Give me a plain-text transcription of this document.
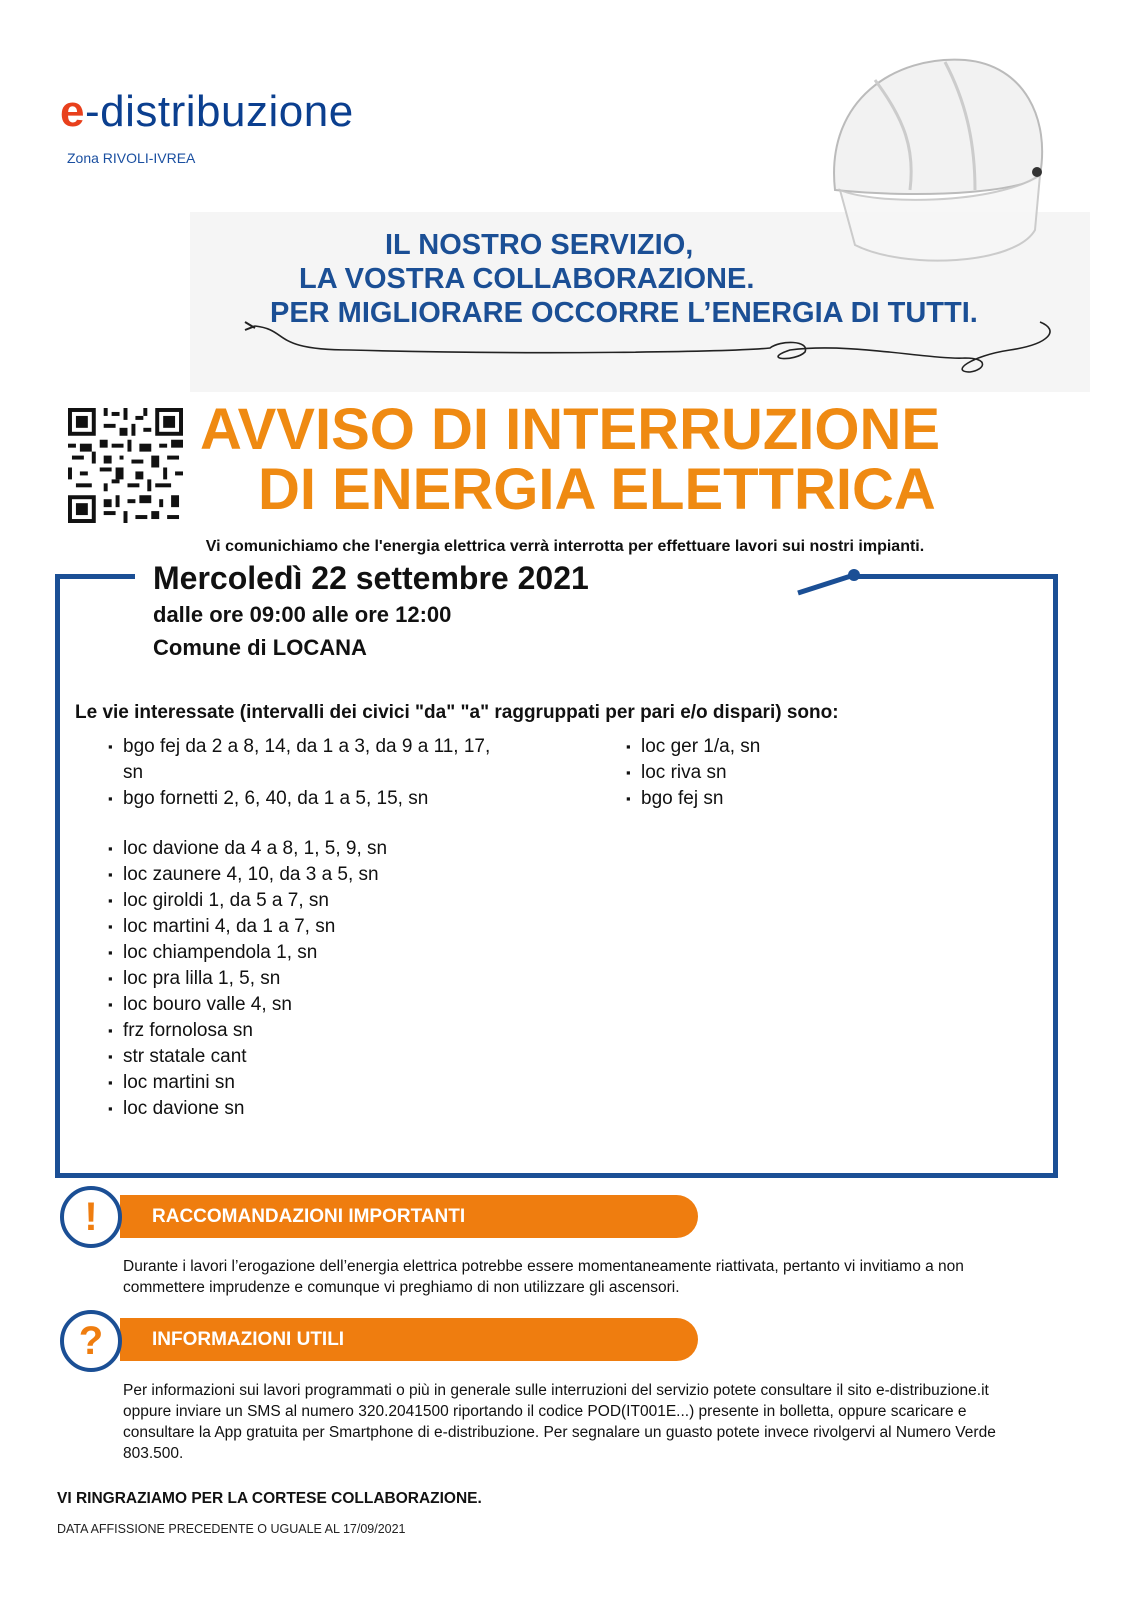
e-distribuzione
Zona RIVOLI-IVREA
IL NOSTRO SERVIZIO,
LA VOSTRA COLLABORAZIONE.
PER MIGLIORARE OCCORRE L’ENERGIA DI TUTTI.
AVVISO DI INTERRUZIONE
DI ENERGIA ELETTRICA
Vi comunichiamo che l'energia elettrica verrà interrotta per effettuare lavori sui nostri impianti.
Mercoledì 22 settembre 2021
dalle ore 09:00 alle ore 12:00
Comune di LOCANA
Le vie interessate (intervalli dei civici "da" "a" raggruppati per pari e/o dispari) sono:
▪ bgo fej da 2 a 8, 14, da 1 a 3, da 9 a 11, 17, sn
▪ bgo fornetti 2, 6, 40, da 1 a 5, 15, sn
▪ loc davione da 4 a 8, 1, 5, 9, sn
▪ loc zaunere 4, 10, da 3 a 5, sn
▪ loc giroldi 1, da 5 a 7, sn
▪ loc martini 4, da 1 a 7, sn
▪ loc chiampendola 1, sn
▪ loc pra lilla 1, 5, sn
▪ loc bouro valle 4, sn
▪ frz fornolosa sn
▪ str statale cant
▪ loc martini sn
▪ loc davione sn
▪ loc ger 1/a, sn
▪ loc riva sn
▪ bgo fej sn
RACCOMANDAZIONI IMPORTANTI
!
Durante i lavori l’erogazione dell’energia elettrica potrebbe essere momentaneamente riattivata, pertanto vi invitiamo a non commettere imprudenze e comunque vi preghiamo di non utilizzare gli ascensori.
INFORMAZIONI UTILI
?
Per informazioni sui lavori programmati o più in generale sulle interruzioni del servizio potete consultare il sito e-distribuzione.it oppure inviare un SMS al numero 320.2041500 riportando il codice POD(IT001E...) presente in bolletta, oppure scaricare e consultare la App gratuita per Smartphone di e-distribuzione. Per segnalare un guasto potete invece rivolgervi al Numero Verde 803.500.
VI RINGRAZIAMO PER LA CORTESE COLLABORAZIONE.
DATA AFFISSIONE PRECEDENTE O UGUALE AL 17/09/2021
